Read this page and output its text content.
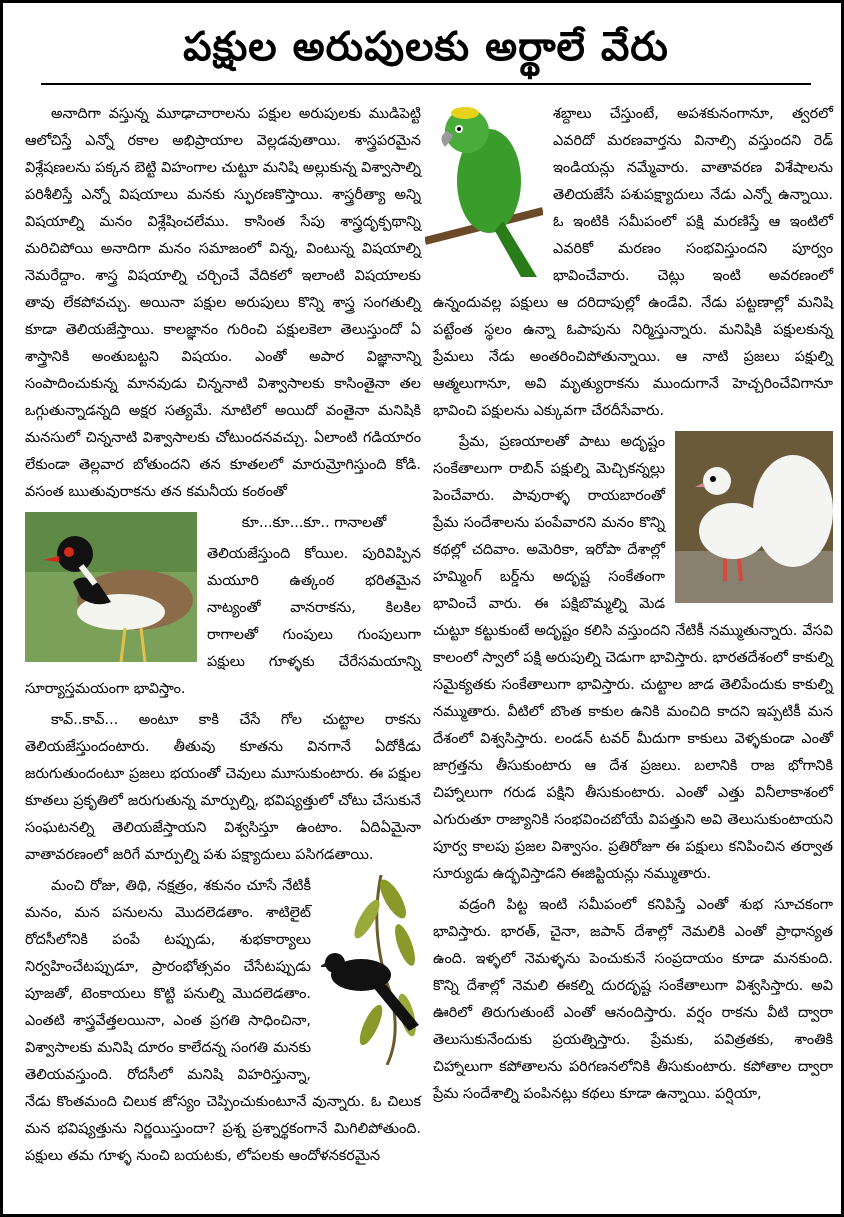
పక్షుల అరుపులకు అర్థాలే వేరు

అనాదిగా వస్తున్న మూఢాచారాలను పక్షుల అరుపులకు ముడిపెట్టి ఆలోచిస్తే ఎన్నో రకాల అభిప్రాయాల వెల్లడవుతాయి. శాస్త్రపరమైన విశ్లేషణలను పక్కన బెట్టి విహంగాల చుట్టూ మనిషి అల్లుకున్న విశ్వాసాల్ని పరిశీలిస్తే ఎన్నో విషయాలు మనకు స్ఫురణకొస్తాయి. శాస్త్రరీత్యా అన్ని విషయాల్ని మనం విశ్లేషించలేము. కాసింత సేపు శాస్త్రదృక్పథాన్ని మరిచిపోయి అనాదిగా మనం సమాజంలో విన్న, వింటున్న విషయాల్ని నెమరేద్దాం. శాస్త్ర విషయాల్ని చర్చించే వేదికలో ఇలాంటి విషయాలకు తావు లేకపోవచ్చు. అయినా పక్షుల అరుపులు కొన్ని శాస్త్ర సంగతుల్ని కూడా తెలియజేస్తాయి. కాలజ్ఞానం గురించి పక్షులకెలా తెలుస్తుందో ఏ శాస్త్రానికి అంతుబట్టని విషయం. ఎంతో అపార విజ్ఞానాన్ని సంపాదించుకున్న మానవుడు చిన్ననాటి విశ్వాసాలకు కాసింతైనా తల ఒగ్గుతున్నాడన్నది అక్షర సత్యమే. నూటిలో అయిదో వంతైనా మనిషికి మనసులో చిన్ననాటి విశ్వాసాలకు చోటుందనవచ్చు. ఏలాంటి గడియారం లేకుండా తెల్లవార బోతుందని తన కూతలలో మారుమ్రోగిస్తుంది కోడి. వసంత ఋతువురాకను తన కమనీయ కంఠంతో

కూ...కూ...కూ.. గానాలతో

తెలియజేస్తుంది కోయిల. పురివిప్పిన మయూరి ఉత్కంఠ భరితమైన నాట్యంతో వానరాకను, కిలకిల రాగాలతో గుంపులు గుంపులుగా పక్షులు గూళ్ళకు చేరేసమయాన్ని సూర్యాస్తమయంగా భావిస్తాం.

కావ్..కావ్... అంటూ కాకి చేసే గోల చుట్టాల రాకను తెలియజేస్తుందంటారు. తీతువు కూతను వినగానే ఏదోకీడు జరుగుతుందంటూ ప్రజలు భయంతో చెవులు మూసుకుంటారు. ఈ పక్షుల కూతలు ప్రకృతిలో జరుగుతున్న మార్పుల్ని, భవిష్యత్తులో చోటు చేసుకునే సంఘటనల్ని తెలియజేస్తాయని విశ్వసిస్తూ ఉంటాం. ఏదిఏమైనా వాతావరణంలో జరిగే మార్పుల్ని పశు పక్ష్యాదులు పసిగడతాయి.

మంచి రోజు, తిథి, నక్షత్రం, శకునం చూసే నేటికీ మనం, మన పనులను మొదలెడతాం. శాటిలైట్ రోదసీలోనికి పంపే టప్పుడు, శుభకార్యాలు నిర్వహించేటప్పుడూ, ప్రారంభోత్సవం చేసేటప్పుడు పూజతో, టెంకాయలు కొట్టి పనుల్ని మొదలెడతాం. ఎంతటి శాస్త్రవేత్తలయినా, ఎంత ప్రగతి సాధించినా, విశ్వాసాలకు మనిషి దూరం కాలేదన్న సంగతి మనకు తెలియవస్తుంది. రోదసీలో మనిషి విహరిస్తున్నా, నేడు కొంతమంది చిలుక జోస్యం చెప్పించుకుంటూనే వున్నారు. ఓ చిలుక మన భవిష్యత్తును నిర్ణయిస్తుందా? ప్రశ్న ప్రశ్నార్థకంగానే మిగిలిపోతుంది. పక్షులు తమ గూళ్ళ నుంచి బయటకు, లోపలకు ఆందోళనకరమైన

శబ్దాలు చేస్తుంటే, అపశకునంగానూ, త్వరలో ఎవరిదో మరణవార్తను వినాల్సి వస్తుందని రెడ్ ఇండియన్లు నమ్మేవారు. వాతావరణ విశేషాలను తెలియజేసే పశుపక్ష్యాదులు నేడు ఎన్నో ఉన్నాయి. ఓ ఇంటికి సమీపంలో పక్షి మరణిస్తే ఆ ఇంటిలో ఎవరికో మరణం సంభవిస్తుందని పూర్వం భావించేవారు. చెట్లు ఇంటి అవరణంలో ఉన్నందువల్ల పక్షులు ఆ దరిదాపుల్లో ఉండేవి. నేడు పట్టణాల్లో మనిషి పట్టేంత స్థలం ఉన్నా ఓపాపును నిర్మిస్తున్నారు. మనిషికి పక్షులకున్న ప్రేమలు నేడు అంతరించిపోతున్నాయి. ఆ నాటి ప్రజలు పక్షుల్ని ఆత్మలుగానూ, అవి మృత్యురాకను ముందుగానే హెచ్చరించేవిగానూ భావించి పక్షులను ఎక్కువగా చేరదీసేవారు.

ప్రేమ, ప్రణయాలతో పాటు అదృష్టం సంకేతాలుగా రాబిన్ పక్షుల్ని మెచ్చికన్నల్లు పెంచేవారు. పావురాళ్ళ రాయబారంతో ప్రేమ సందేశాలను పంపేవారని మనం కొన్ని కథల్లో చదివాం. అమెరికా, ఇరోపా దేశాల్లో హమ్మింగ్ బర్డ్‌ను అదృష్ట సంకేతంగా భావించే వారు. ఈ పక్షిబొమ్మల్ని మెడ చుట్టూ కట్టుకుంటే అదృష్టం కలిసి వస్తుందని నేటికీ నమ్ముతున్నారు. వేసవి కాలంలో స్వాలో పక్షి అరుపుల్ని చెడుగా భావిస్తారు. భారతదేశంలో కాకుల్ని సమైక్యతకు సంకేతాలుగా భావిస్తారు. చుట్టాల జాడ తెలిపేందుకు కాకుల్ని నమ్ముతారు. వీటిలో బొంత కాకుల ఉనికి మంచిది కాదని ఇప్పటికీ మన దేశంలో విశ్వసిస్తారు. లండన్ టవర్ మీదుగా కాకులు వెళ్ళకుండా ఎంతో జాగ్రత్తను తీసుకుంటారు ఆ దేశ ప్రజలు. బలానికి రాజ భోగానికి చిహ్నాలుగా గరుడ పక్షిని తీసుకుంటారు. ఎంతో ఎత్తు వినీలాకాశంలో ఎగురుతూ రాజ్యానికి సంభవించబోయే విపత్తుని అవి తెలుసుకుంటాయని పూర్వ కాలపు ప్రజల విశ్వాసం. ప్రతిరోజూ ఈ పక్షులు కనిపించిన తర్వాత సూర్యుడు ఉద్భవిస్తాడని ఈజిప్టియన్లు నమ్ముతారు.

వడ్రంగి పిట్ట ఇంటి సమీపంలో కనిపిస్తే ఎంతో శుభ సూచకంగా భావిస్తారు. భారత్, చైనా, జపాన్ దేశాల్లో నెమలికి ఎంతో ప్రాధాన్యత ఉంది. ఇళ్ళలో నెమళ్ళను పెంచుకునే సంప్రదాయం కూడా మనకుంది. కొన్ని దేశాల్లో నెమలి ఈకల్ని దురదృష్ట సంకేతాలుగా విశ్వసిస్తారు. అవి ఊరిలో తిరుగుతుంటే ఎంతో ఆనందిస్తారు. వర్షం రాకను వీటి ద్వారా తెలుసుకునేందుకు ప్రయత్నిస్తారు. ప్రేమకు, పవిత్రతకు, శాంతికి చిహ్నాలుగా కపోతాలను పరిగణనలోనికి తీసుకుంటారు. కపోతాల ద్వారా ప్రేమ సందేశాల్ని పంపినట్లు కథలు కూడా ఉన్నాయి. పర్షియా,
